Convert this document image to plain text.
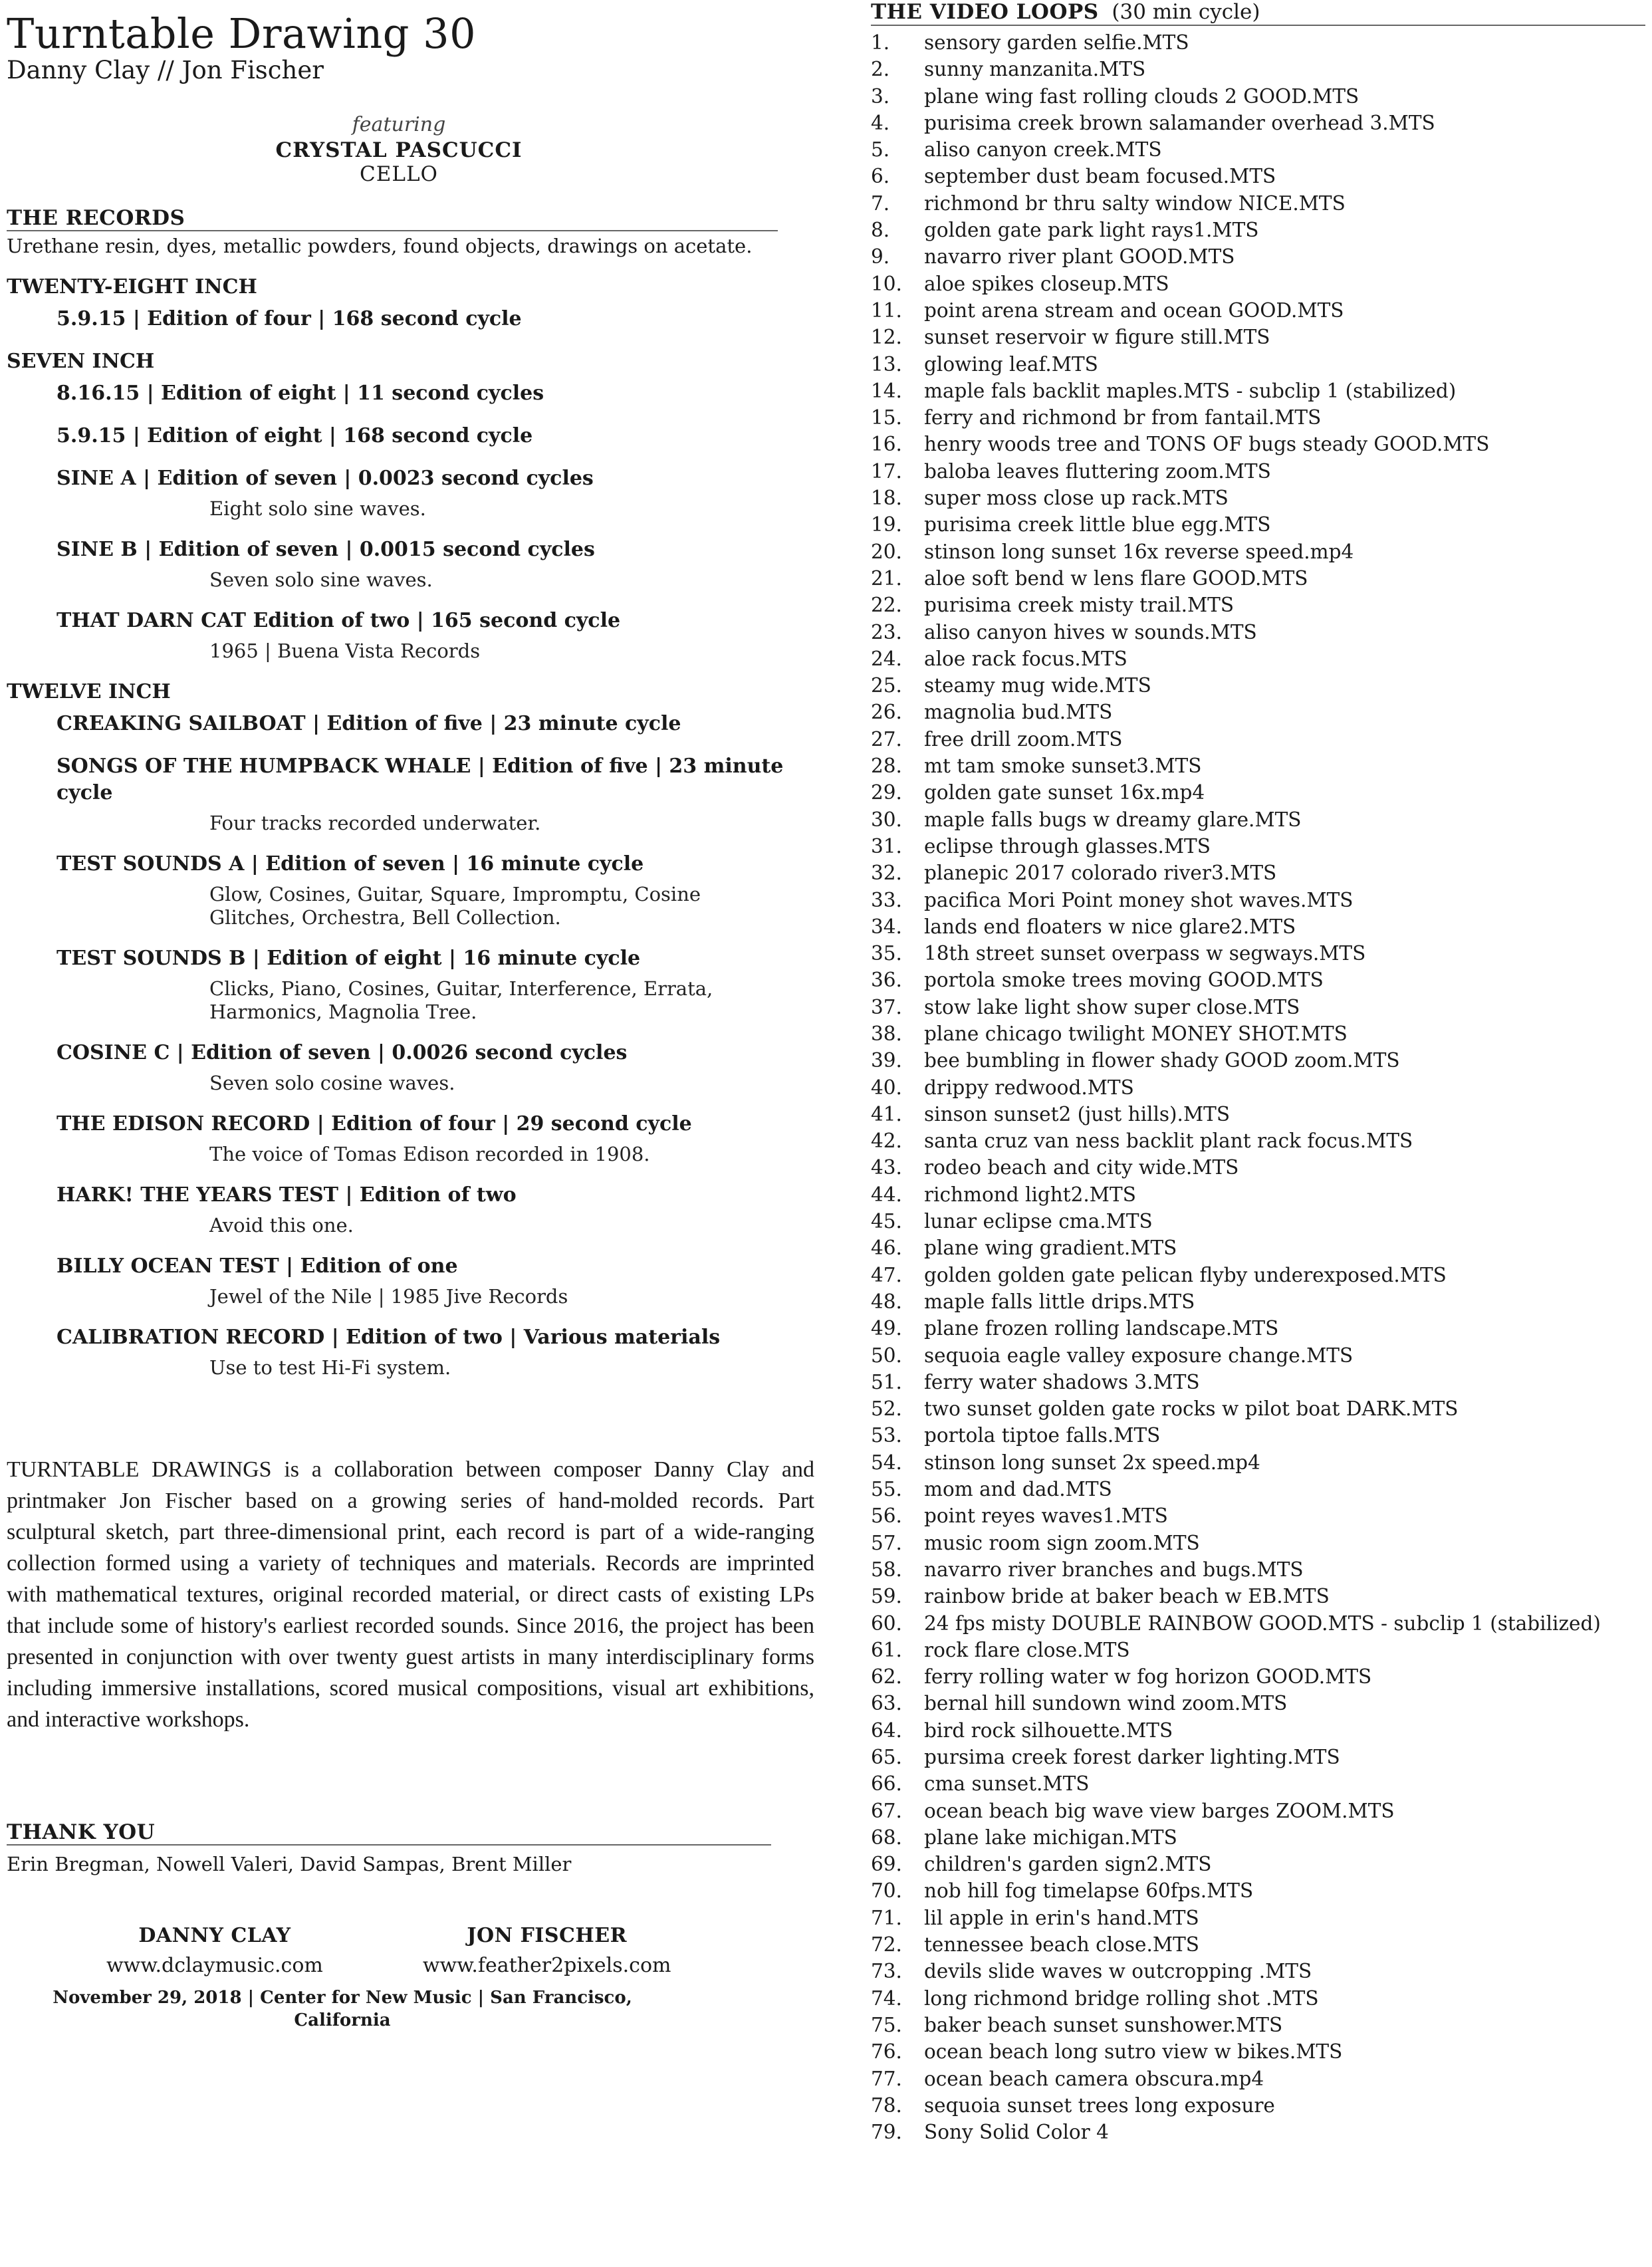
Turntable Drawing 30
Danny Clay // Jon Fischer
featuring
CRYSTAL PASCUCCI
CELLO
THE RECORDS
Urethane resin, dyes, metallic powders, found objects, drawings on acetate.
TWENTY-EIGHT INCH
5.9.15 | Edition of four | 168 second cycle
SEVEN INCH
8.16.15 | Edition of eight | 11 second cycles
5.9.15 | Edition of eight | 168 second cycle
SINE A | Edition of seven | 0.0023 second cycles
Eight solo sine waves.
SINE B | Edition of seven | 0.0015 second cycles
Seven solo sine waves.
THAT DARN CAT Edition of two | 165 second cycle
1965 | Buena Vista Records
TWELVE INCH
CREAKING SAILBOAT | Edition of five | 23 minute cycle
SONGS OF THE HUMPBACK WHALE | Edition of five | 23 minute cycle
Four tracks recorded underwater.
TEST SOUNDS A | Edition of seven | 16 minute cycle
Glow, Cosines, Guitar, Square, Impromptu, Cosine
Glitches, Orchestra, Bell Collection.
TEST SOUNDS B | Edition of eight | 16 minute cycle
Clicks, Piano, Cosines, Guitar, Interference, Errata,
Harmonics, Magnolia Tree.
COSINE C | Edition of seven | 0.0026 second cycles
Seven solo cosine waves.
THE EDISON RECORD | Edition of four | 29 second cycle
The voice of Tomas Edison recorded in 1908.
HARK! THE YEARS TEST | Edition of two
Avoid this one.
BILLY OCEAN TEST | Edition of one
Jewel of the Nile | 1985 Jive Records
CALIBRATION RECORD | Edition of two | Various materials
Use to test Hi-Fi system.
TURNTABLE DRAWINGS is a collaboration between composer Danny Clay and printmaker Jon Fischer based on a growing series of hand-molded records. Part sculptural sketch, part three-dimensional print, each record is part of a wide-ranging collection formed using a variety of techniques and materials. Records are imprinted with mathematical textures, original recorded material, or direct casts of existing LPs that include some of history's earliest recorded sounds. Since 2016, the project has been presented in conjunction with over twenty guest artists in many interdisciplinary forms including immersive installations, scored musical compositions, visual art exhibitions, and interactive workshops.
THANK YOU
Erin Bregman, Nowell Valeri, David Sampas, Brent Miller
DANNY CLAY
www.dclaymusic.com
JON FISCHER
www.feather2pixels.com
November 29, 2018 | Center for New Music | San Francisco, California
THE VIDEO LOOPS (30 min cycle)
1.	sensory garden selfie.MTS
2.	sunny manzanita.MTS
3.	plane wing fast rolling clouds 2 GOOD.MTS
4.	purisima creek brown salamander overhead 3.MTS
5.	aliso canyon creek.MTS
6.	september dust beam focused.MTS
7.	richmond br thru salty window NICE.MTS
8.	golden gate park light rays1.MTS
9.	navarro river plant GOOD.MTS
10.	aloe spikes closeup.MTS
11.	point arena stream and ocean GOOD.MTS
12.	sunset reservoir w figure still.MTS
13.	glowing leaf.MTS
14.	maple fals backlit maples.MTS - subclip 1 (stabilized)
15.	ferry and richmond br from fantail.MTS
16.	henry woods tree and TONS OF bugs steady GOOD.MTS
17.	baloba leaves fluttering zoom.MTS
18.	super moss close up rack.MTS
19.	purisima creek little blue egg.MTS
20.	stinson long sunset 16x reverse speed.mp4
21.	aloe soft bend w lens flare GOOD.MTS
22.	purisima creek misty trail.MTS
23.	aliso canyon hives w sounds.MTS
24.	aloe rack focus.MTS
25.	steamy mug wide.MTS
26.	magnolia bud.MTS
27.	free drill zoom.MTS
28.	mt tam smoke sunset3.MTS
29.	golden gate sunset 16x.mp4
30.	maple falls bugs w dreamy glare.MTS
31.	eclipse through glasses.MTS
32.	planepic 2017 colorado river3.MTS
33.	pacifica Mori Point money shot waves.MTS
34.	lands end floaters w nice glare2.MTS
35.	18th street sunset overpass w segways.MTS
36.	portola smoke trees moving GOOD.MTS
37.	stow lake light show super close.MTS
38.	plane chicago twilight MONEY SHOT.MTS
39.	bee bumbling in flower shady GOOD zoom.MTS
40.	drippy redwood.MTS
41.	sinson sunset2 (just hills).MTS
42.	santa cruz van ness backlit plant rack focus.MTS
43.	rodeo beach and city wide.MTS
44.	richmond light2.MTS
45.	lunar eclipse cma.MTS
46.	plane wing gradient.MTS
47.	golden golden gate pelican flyby underexposed.MTS
48.	maple falls little drips.MTS
49.	plane frozen rolling landscape.MTS
50.	sequoia eagle valley exposure change.MTS
51.	ferry water shadows 3.MTS
52.	two sunset golden gate rocks w pilot boat DARK.MTS
53.	portola tiptoe falls.MTS
54.	stinson long sunset 2x speed.mp4
55.	mom and dad.MTS
56.	point reyes waves1.MTS
57.	music room sign zoom.MTS
58.	navarro river branches and bugs.MTS
59.	rainbow bride at baker beach w EB.MTS
60.	24 fps misty DOUBLE RAINBOW GOOD.MTS - subclip 1 (stabilized)
61.	rock flare close.MTS
62.	ferry rolling water w fog horizon GOOD.MTS
63.	bernal hill sundown wind zoom.MTS
64.	bird rock silhouette.MTS
65.	pursima creek forest darker lighting.MTS
66.	cma sunset.MTS
67.	ocean beach big wave view barges ZOOM.MTS
68.	plane lake michigan.MTS
69.	children's garden sign2.MTS
70.	nob hill fog timelapse 60fps.MTS
71.	lil apple in erin's hand.MTS
72.	tennessee beach close.MTS
73.	devils slide waves w outcropping .MTS
74.	long richmond bridge rolling shot .MTS
75.	baker beach sunset sunshower.MTS
76.	ocean beach long sutro view w bikes.MTS
77.	ocean beach camera obscura.mp4
78.	sequoia sunset trees long exposure
79.	Sony Solid Color 4
